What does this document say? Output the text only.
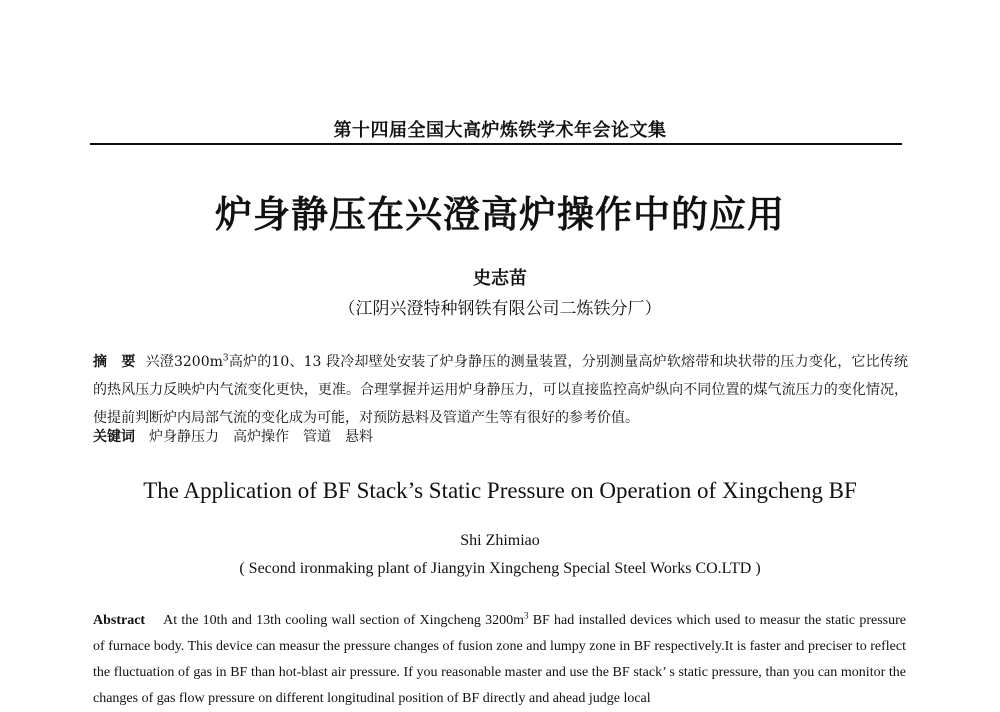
第十四届全国大高炉炼铁学术年会论文集
炉身静压在兴澄高炉操作中的应用
史志苗
（江阴兴澄特种钢铁有限公司二炼铁分厂）
摘　要 兴澄$3200m^3$高炉的10、13 段冷却壁处安装了炉身静压的测量装置，分别测量高炉软熔带和块状带的压力变化，它比传统的热风压力反映炉内气流变化更快，更准。合理掌握并运用炉身静压力，可以直接监控高炉纵向不同位置的煤气流压力的变化情况，使提前判断炉内局部气流的变化成为可能，对预防悬料及管道产生等有很好的参考价值。
关键词 炉身静压力 高炉操作 管道 悬料
The Application of BF Stack’s Static Pressure on Operation of Xingcheng BF
Shi Zhimiao
( Second ironmaking plant of Jiangyin Xingcheng Special Steel Works CO.LTD )
Abstract At the 10th and 13th cooling wall section of Xingcheng $3200m^3$ BF had installed devices which used to measur the static pressure of furnace body. This device can measur the pressure changes of fusion zone and lumpy zone in BF respectively.It is faster and preciser to reflect the fluctuation of gas in BF than hot-blast air pressure. If you reasonable master and use the BF stack’ s static pressure, than you can monitor the changes of gas flow pressure on different longitudinal position of BF directly and ahead judge local
